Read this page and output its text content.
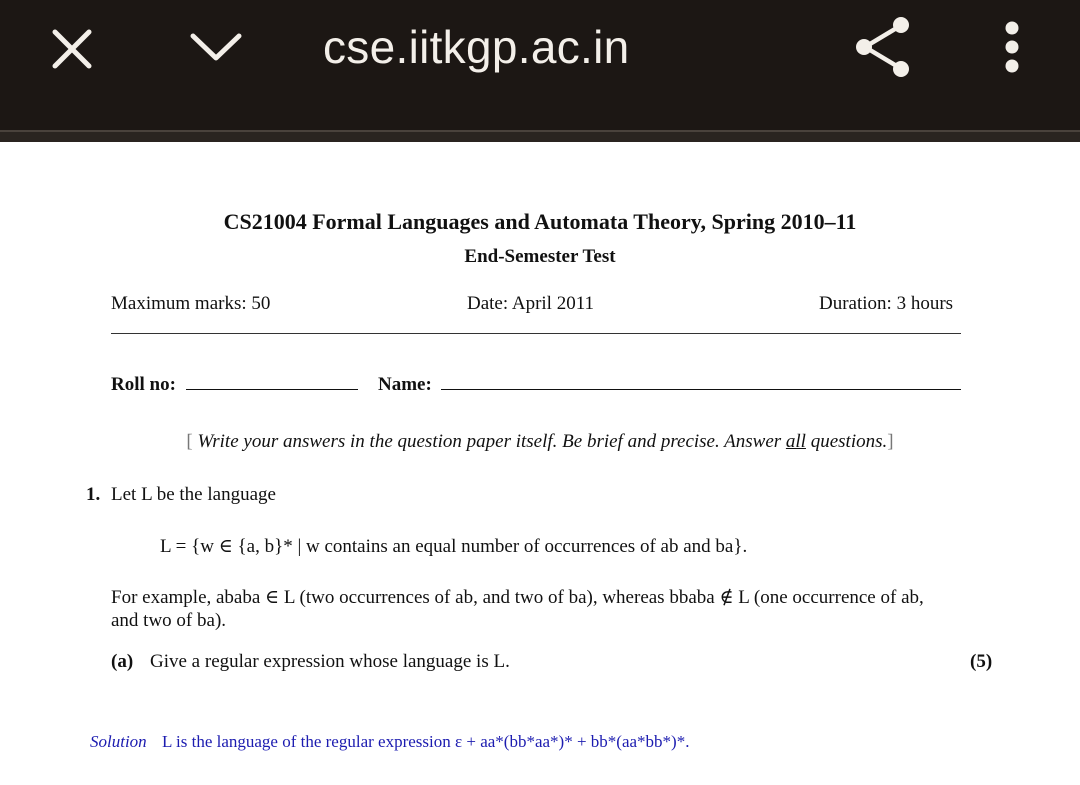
cse.iitkgp.ac.in
CS21004 Formal Languages and Automata Theory, Spring 2010–11
End-Semester Test
Maximum marks: 50	Date: April 2011	Duration: 3 hours
Roll no:	Name:
[ Write your answers in the question paper itself. Be brief and precise. Answer all questions.]
1. Let L be the language
L = {w ∈ {a, b}* | w contains an equal number of occurrences of ab and ba}.
For example, ababa ∈ L (two occurrences of ab, and two of ba), whereas bbaba ∉ L (one occurrence of ab,
and two of ba).
(a) Give a regular expression whose language is L.	(5)
Solution L is the language of the regular expression ε + aa*(bb*aa*)* + bb*(aa*bb*)*.
